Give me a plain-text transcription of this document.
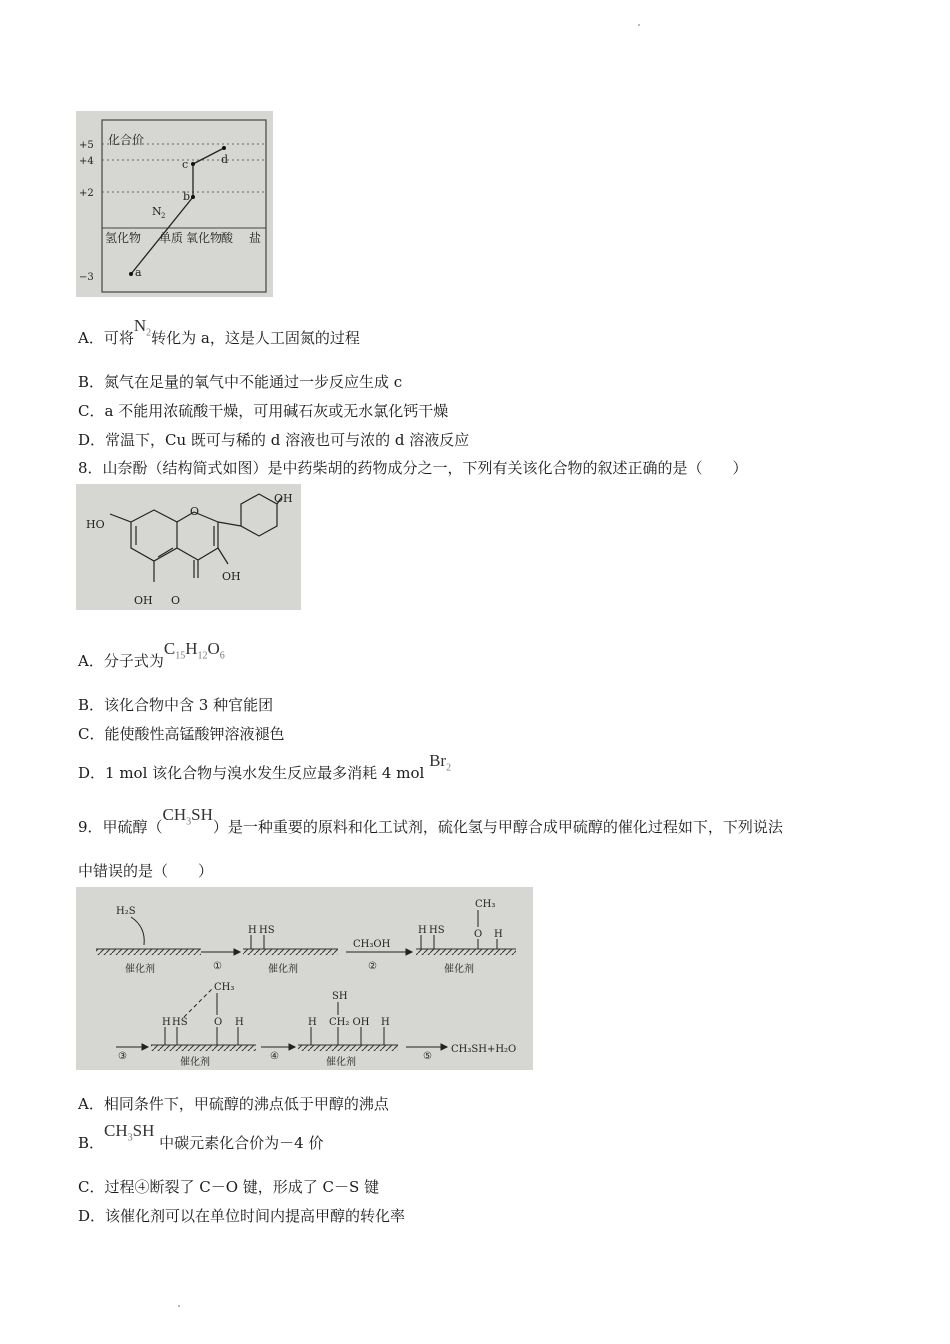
+5
+4
+2
−3
化合价
a
b
c	d
N 2
氢化物 单质 氧化物
酸 盐
A．可将$N_2$转化为 a，这是人工固氮的过程
B．氮气在足量的氧气中不能通过一步反应生成 c
C．a 不能用浓硫酸干燥，可用碱石灰或无水氯化钙干燥
D．常温下，Cu 既可与稀的 d 溶液也可与浓的 d 溶液反应
8．山奈酚（结构简式如图）是中药柴胡的药物成分之一，下列有关该化合物的叙述正确的是（　　）
HO
OH
O
OH
OH O
A．分子式为$C_{15}H_{12}O_6$
B．该化合物中含 3 种官能团
C．能使酸性高锰酸钾溶液褪色
D．1 mol 该化合物与溴水发生反应最多消耗 4 mol $Br_2$
9．甲硫醇$(CH_3SH)$是一种重要的原料和化工试剂，硫化氢与甲醇合成甲硫醇的催化过程如下，下列说法
中错误的是（　　）
H₂S
催化剂	催化剂	催化剂
催化剂	催化剂
①	②
③	④	⑤
CH₃OH
CH₃SH+H₂O
H HS	H HS
CH₃
O H
H HS
CH₃
O H
SH
H CH₂ OH H
A．相同条件下，甲硫醇的沸点低于甲醇的沸点
B．$CH_3SH$ 中碳元素化合价为－4 价
C．过程④断裂了 C－O 键，形成了 C－S 键
D．该催化剂可以在单位时间内提高甲醇的转化率
